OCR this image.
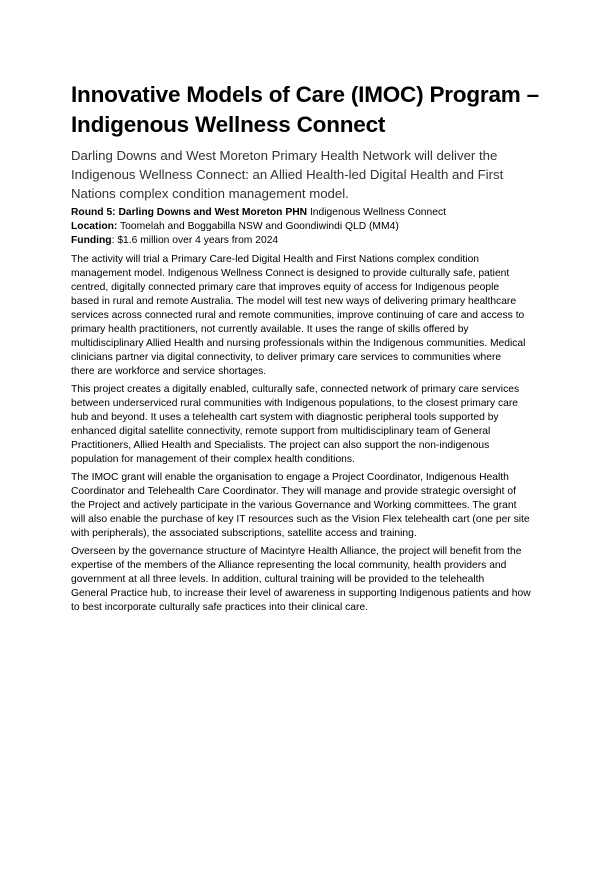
Innovative Models of Care (IMOC) Program –
Indigenous Wellness Connect

Darling Downs and West Moreton Primary Health Network will deliver the
Indigenous Wellness Connect: an Allied Health-led Digital Health and First
Nations complex condition management model.

Round 5: Darling Downs and West Moreton PHN Indigenous Wellness Connect
Location: Toomelah and Boggabilla NSW and Goondiwindi QLD (MM4)
Funding: $1.6 million over 4 years from 2024

The activity will trial a Primary Care-led Digital Health and First Nations complex condition
management model. Indigenous Wellness Connect is designed to provide culturally safe, patient
centred, digitally connected primary care that improves equity of access for Indigenous people
based in rural and remote Australia. The model will test new ways of delivering primary healthcare
services across connected rural and remote communities, improve continuing of care and access to
primary health practitioners, not currently available. It uses the range of skills offered by
multidisciplinary Allied Health and nursing professionals within the Indigenous communities. Medical
clinicians partner via digital connectivity, to deliver primary care services to communities where
there are workforce and service shortages.

This project creates a digitally enabled, culturally safe, connected network of primary care services
between underserviced rural communities with Indigenous populations, to the closest primary care
hub and beyond. It uses a telehealth cart system with diagnostic peripheral tools supported by
enhanced digital satellite connectivity, remote support from multidisciplinary team of General
Practitioners, Allied Health and Specialists. The project can also support the non-indigenous
population for management of their complex health conditions.

The IMOC grant will enable the organisation to engage a Project Coordinator, Indigenous Health
Coordinator and Telehealth Care Coordinator. They will manage and provide strategic oversight of
the Project and actively participate in the various Governance and Working committees. The grant
will also enable the purchase of key IT resources such as the Vision Flex telehealth cart (one per site
with peripherals), the associated subscriptions, satellite access and training.

Overseen by the governance structure of Macintyre Health Alliance, the project will benefit from the
expertise of the members of the Alliance representing the local community, health providers and
government at all three levels. In addition, cultural training will be provided to the telehealth
General Practice hub, to increase their level of awareness in supporting Indigenous patients and how
to best incorporate culturally safe practices into their clinical care.
